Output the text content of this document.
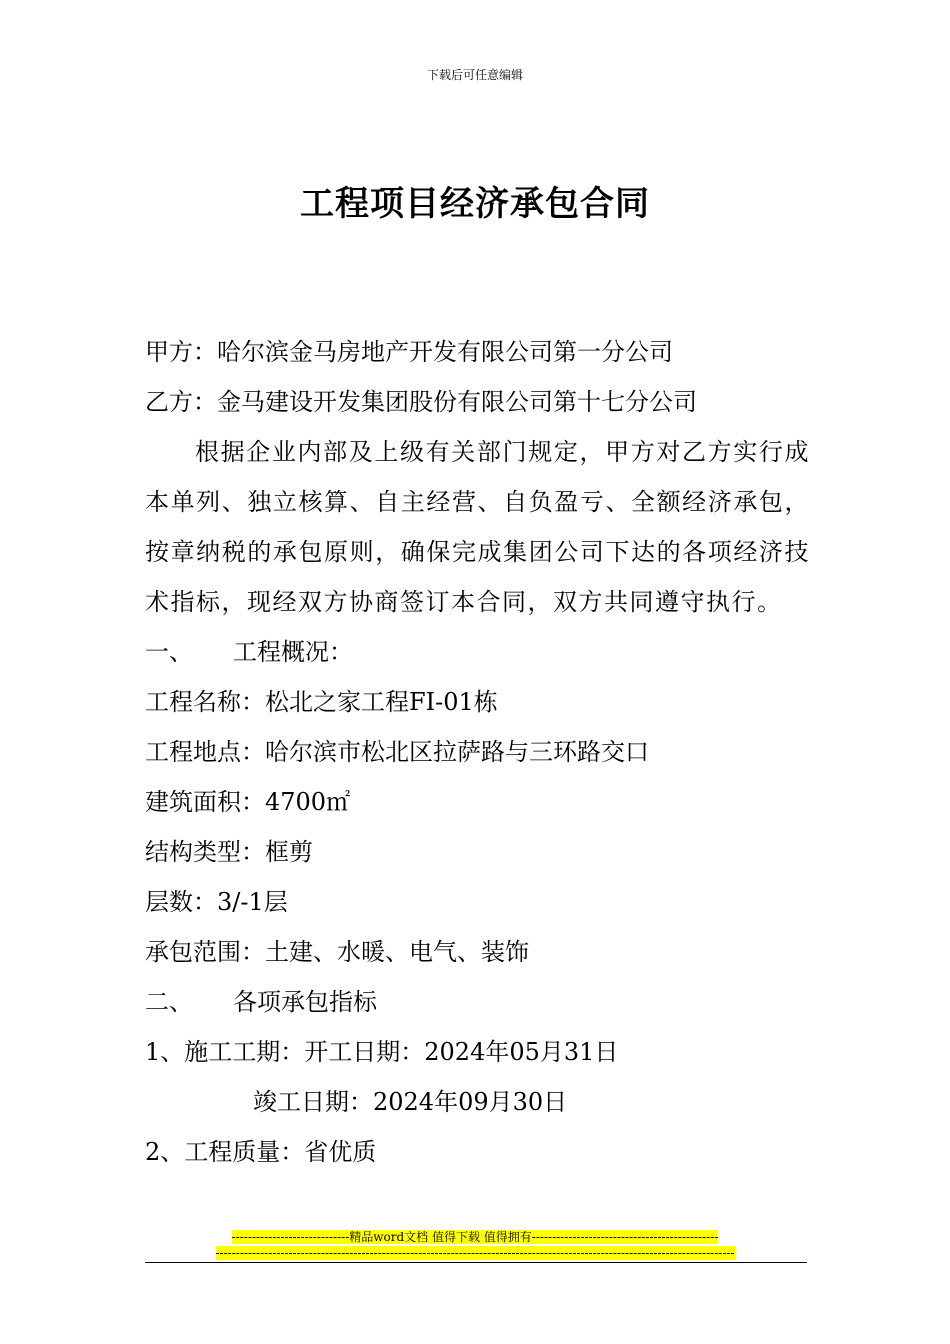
下载后可任意编辑
工程项目经济承包合同
甲方：哈尔滨金马房地产开发有限公司第一分公司
乙方：金马建设开发集团股份有限公司第十七分公司
根据企业内部及上级有关部门规定，甲方对乙方实行成本单列、独立核算、自主经营、自负盈亏、全额经济承包，按章纳税的承包原则，确保完成集团公司下达的各项经济技术指标，现经双方协商签订本合同，双方共同遵守执行。
一、 工程概况：
工程名称：松北之家工程FI-01栋
工程地点：哈尔滨市松北区拉萨路与三环路交口
建筑面积：4700㎡
结构类型：框剪
层数：3/-1层
承包范围：土建、水暖、电气、装饰
二、 各项承包指标
1、施工工期：开工日期：2024年05月31日
竣工日期：2024年09月30日
2、工程质量：省优质
-----------------------------精品word文档 值得下载 值得拥有----------------------------------------------
--------------------------------------------------------------------------------------------------------------------------------
